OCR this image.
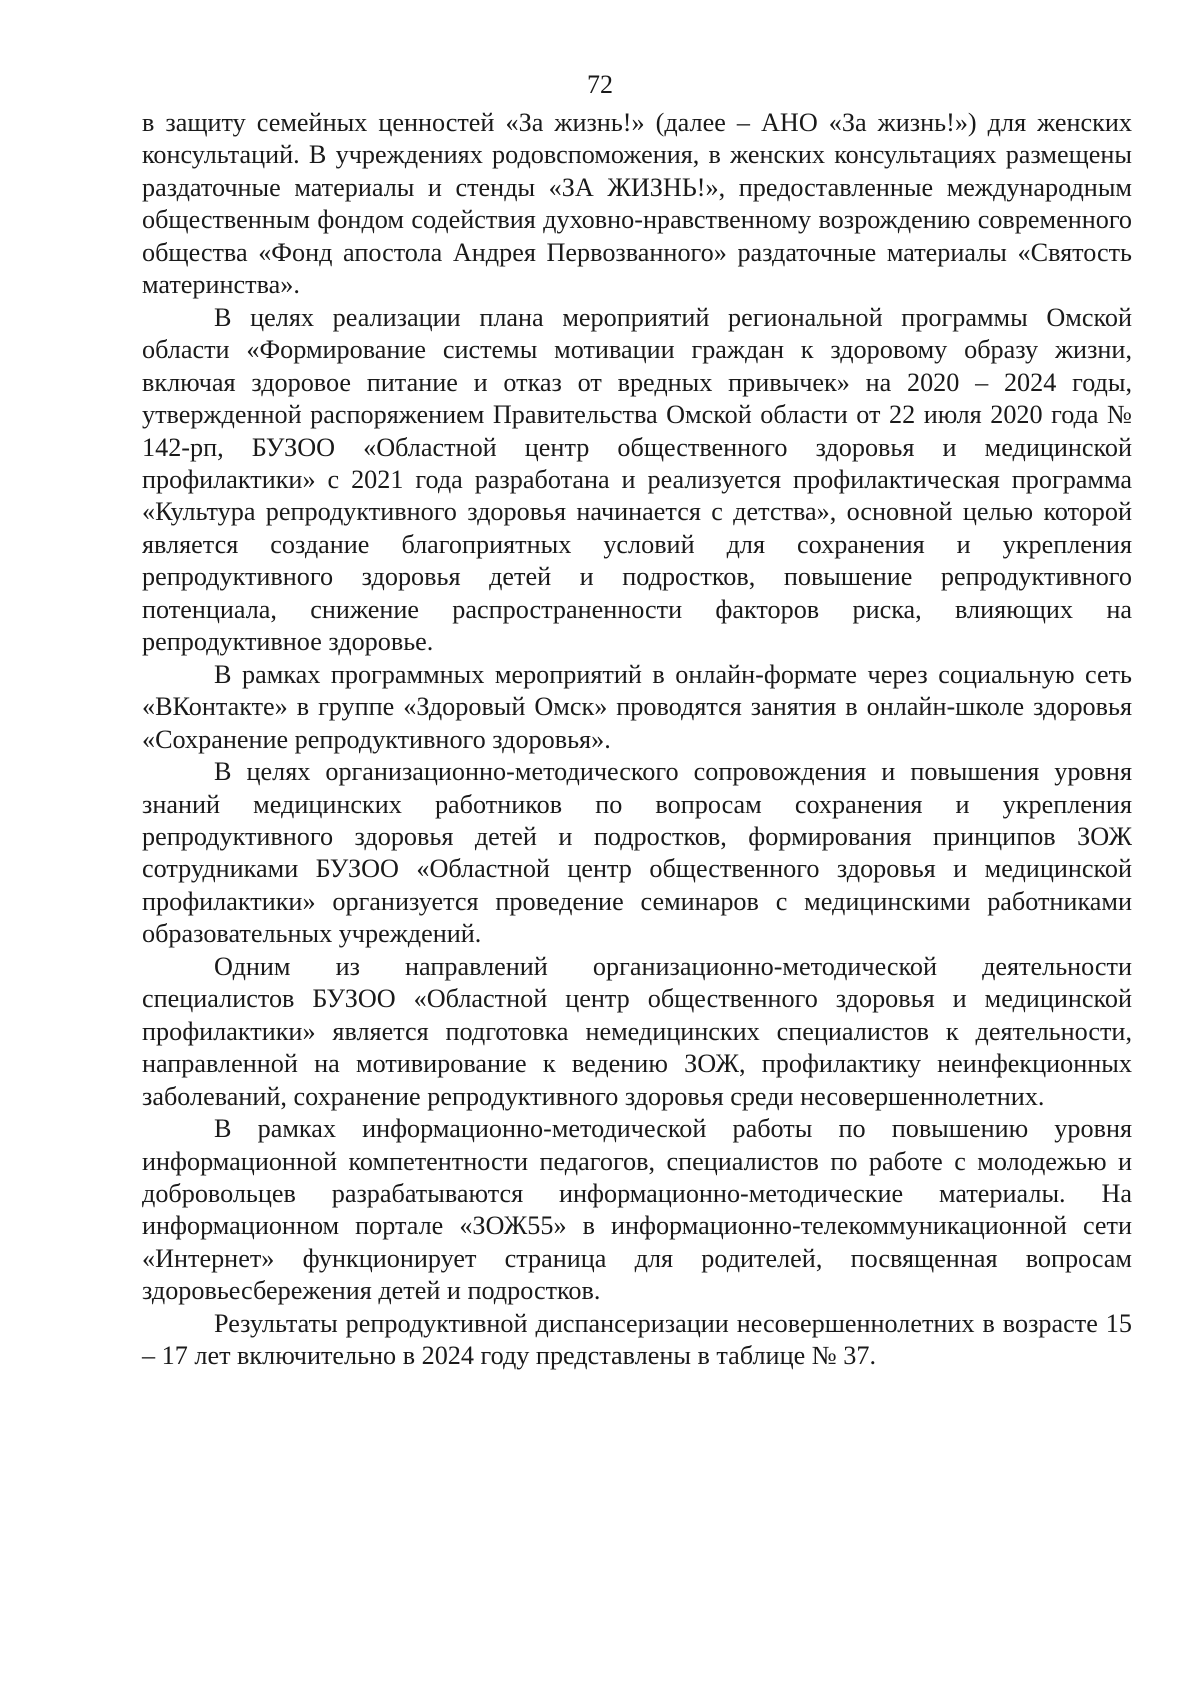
72

в защиту семейных ценностей «За жизнь!» (далее – АНО «За жизнь!») для женских консультаций. В учреждениях родовспоможения, в женских консультациях размещены раздаточные материалы и стенды «ЗА ЖИЗНЬ!», предоставленные международным общественным фондом содействия духовно-нравственному возрождению современного общества «Фонд апостола Андрея Первозванного» раздаточные материалы «Святость материнства».

В целях реализации плана мероприятий региональной программы Омской области «Формирование системы мотивации граждан к здоровому образу жизни, включая здоровое питание и отказ от вредных привычек» на 2020 – 2024 годы, утвержденной распоряжением Правительства Омской области от 22 июля 2020 года № 142-рп, БУЗОО «Областной центр общественного здоровья и медицинской профилактики» с 2021 года разработана и реализуется профилактическая программа «Культура репродуктивного здоровья начинается с детства», основной целью которой является создание благоприятных условий для сохранения и укрепления репродуктивного здоровья детей и подростков, повышение репродуктивного потенциала, снижение распространенности факторов риска, влияющих на репродуктивное здоровье.

В рамках программных мероприятий в онлайн-формате через социальную сеть «ВКонтакте» в группе «Здоровый Омск» проводятся занятия в онлайн-школе здоровья «Сохранение репродуктивного здоровья».

В целях организационно-методического сопровождения и повышения уровня знаний медицинских работников по вопросам сохранения и укрепления репродуктивного здоровья детей и подростков, формирования принципов ЗОЖ сотрудниками БУЗОО «Областной центр общественного здоровья и медицинской профилактики» организуется проведение семинаров с медицинскими работниками образовательных учреждений.

Одним из направлений организационно-методической деятельности специалистов БУЗОО «Областной центр общественного здоровья и медицинской профилактики» является подготовка немедицинских специалистов к деятельности, направленной на мотивирование к ведению ЗОЖ, профилактику неинфекционных заболеваний, сохранение репродуктивного здоровья среди несовершеннолетних.

В рамках информационно-методической работы по повышению уровня информационной компетентности педагогов, специалистов по работе с молодежью и добровольцев разрабатываются информационно-методические материалы. На информационном портале «ЗОЖ55» в информационно-телекоммуникационной сети «Интернет» функционирует страница для родителей, посвященная вопросам здоровьесбережения детей и подростков.

Результаты репродуктивной диспансеризации несовершеннолетних в возрасте 15 – 17 лет включительно в 2024 году представлены в таблице № 37.
